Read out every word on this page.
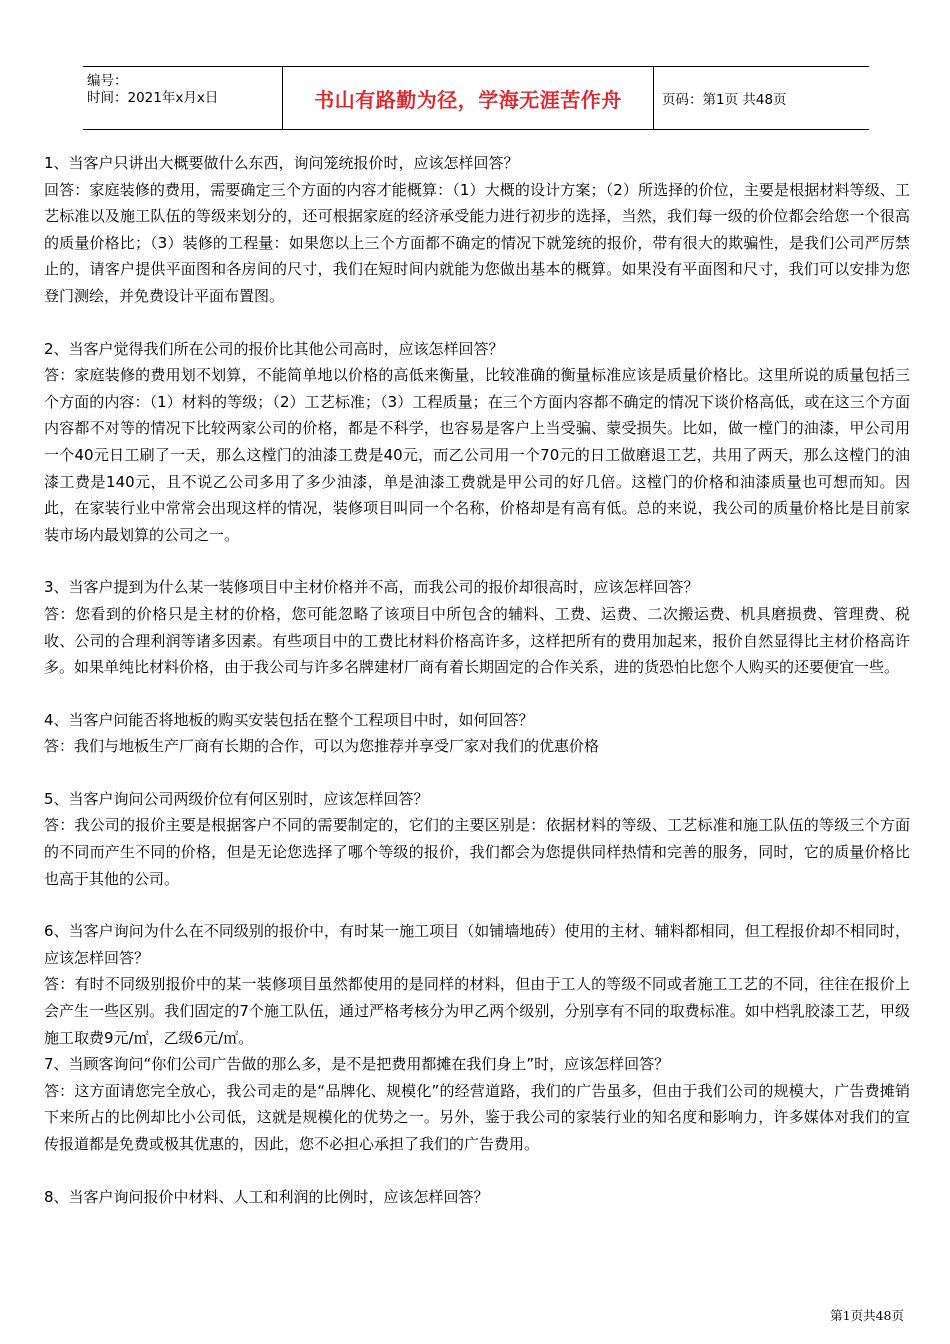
编号：
时间：2021年x月x日	书山有路勤为径，学海无涯苦作舟	页码：第1页 共48页

1、当客户只讲出大概要做什么东西，询问笼统报价时，应该怎样回答？

回答：家庭装修的费用，需要确定三个方面的内容才能概算：（1）大概的设计方案；（2）所选择的价位，主要是根据材料等级、工艺标准以及施工队伍的等级来划分的，还可根据家庭的经济承受能力进行初步的选择，当然，我们每一级的价位都会给您一个很高的质量价格比；（3）装修的工程量：如果您以上三个方面都不确定的情况下就笼统的报价，带有很大的欺骗性，是我们公司严厉禁止的，请客户提供平面图和各房间的尺寸，我们在短时间内就能为您做出基本的概算。如果没有平面图和尺寸，我们可以安排为您登门测绘，并免费设计平面布置图。

2、当客户觉得我们所在公司的报价比其他公司高时，应该怎样回答？

答：家庭装修的费用划不划算，不能简单地以价格的高低来衡量，比较准确的衡量标准应该是质量价格比。这里所说的质量包括三个方面的内容：（1）材料的等级；（2）工艺标准；（3）工程质量；在三个方面内容都不确定的情况下谈价格高低，或在这三个方面内容都不对等的情况下比较两家公司的价格，都是不科学，也容易是客户上当受骗、蒙受损失。比如，做一樘门的油漆，甲公司用一个40元日工刷了一天，那么这樘门的油漆工费是40元，而乙公司用一个70元的日工做磨退工艺，共用了两天，那么这樘门的油漆工费是140元，且不说乙公司多用了多少油漆，单是油漆工费就是甲公司的好几倍。这樘门的价格和油漆质量也可想而知。因此，在家装行业中常常会出现这样的情况，装修项目叫同一个名称，价格却是有高有低。总的来说，我公司的质量价格比是目前家装市场内最划算的公司之一。

3、当客户提到为什么某一装修项目中主材价格并不高，而我公司的报价却很高时，应该怎样回答？

答：您看到的价格只是主材的价格，您可能忽略了该项目中所包含的辅料、工费、运费、二次搬运费、机具磨损费、管理费、税收、公司的合理利润等诸多因素。有些项目中的工费比材料价格高许多，这样把所有的费用加起来，报价自然显得比主材价格高许多。如果单纯比材料价格，由于我公司与许多名牌建材厂商有着长期固定的合作关系，进的货恐怕比您个人购买的还要便宜一些。

4、当客户问能否将地板的购买安装包括在整个工程项目中时，如何回答？

答：我们与地板生产厂商有长期的合作，可以为您推荐并享受厂家对我们的优惠价格

5、当客户询问公司两级价位有何区别时，应该怎样回答？

答：我公司的报价主要是根据客户不同的需要制定的，它们的主要区别是：依据材料的等级、工艺标准和施工队伍的等级三个方面的不同而产生不同的价格，但是无论您选择了哪个等级的报价，我们都会为您提供同样热情和完善的服务，同时，它的质量价格比也高于其他的公司。

6、当客户询问为什么在不同级别的报价中，有时某一施工项目（如铺墙地砖）使用的主材、辅料都相同，但工程报价却不相同时，应该怎样回答？

答：有时不同级别报价中的某一装修项目虽然都使用的是同样的材料，但由于工人的等级不同或者施工工艺的不同，往往在报价上会产生一些区别。我们固定的7个施工队伍，通过严格考核分为甲乙两个级别，分别享有不同的取费标准。如中档乳胶漆工艺，甲级施工取费9元/㎡，乙级6元/㎡。

7、当顾客询问“你们公司广告做的那么多，是不是把费用都摊在我们身上”时，应该怎样回答？

答：这方面请您完全放心，我公司走的是“品牌化、规模化”的经营道路，我们的广告虽多，但由于我们公司的规模大，广告费摊销下来所占的比例却比小公司低，这就是规模化的优势之一。另外，鉴于我公司的家装行业的知名度和影响力，许多媒体对我们的宣传报道都是免费或极其优惠的，因此，您不必担心承担了我们的广告费用。

8、当客户询问报价中材料、人工和利润的比例时，应该怎样回答？

第1页共48页
